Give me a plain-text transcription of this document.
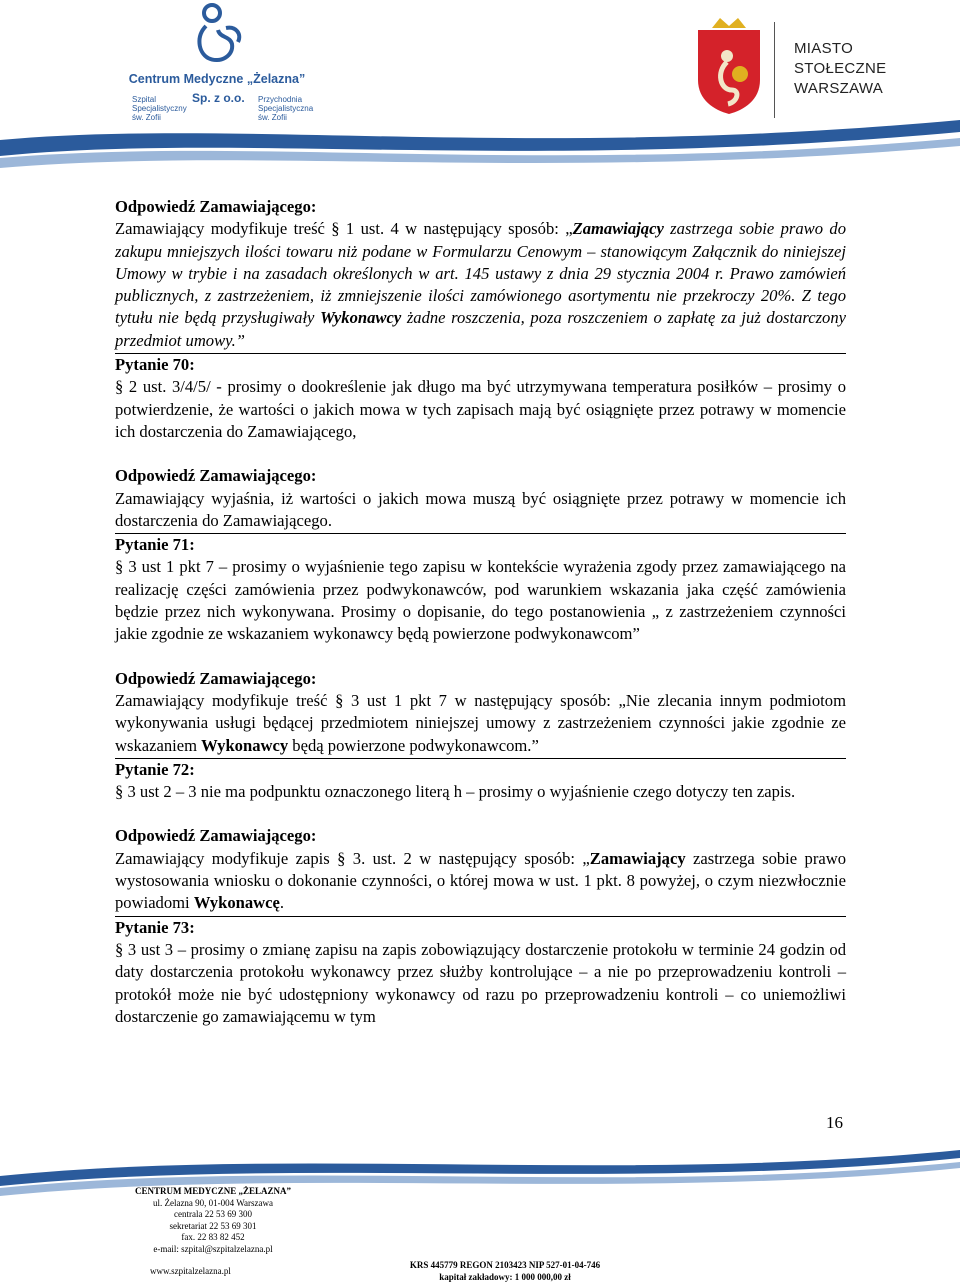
Centrum Medyczne „Żelazna”
Szpital
Specjalistyczny
św. Zofii
Sp. z o.o. Przychodnia
Specjalistyczna
św. Zofii
MIASTO
STOŁECZNE
WARSZAWA

Odpowiedź Zamawiającego:

Zamawiający modyfikuje treść § 1 ust. 4 w następujący sposób: „Zamawiający zastrzega sobie prawo do zakupu mniejszych ilości towaru niż podane w Formularzu Cenowym – stanowiącym Załącznik do niniejszej Umowy w trybie i na zasadach określonych w art. 145 ustawy z dnia 29 stycznia 2004 r. Prawo zamówień publicznych, z zastrzeżeniem, iż zmniejszenie ilości zamówionego asortymentu nie przekroczy 20%. Z tego tytułu nie będą przysługiwały Wykonawcy żadne roszczenia, poza roszczeniem o zapłatę za już dostarczony przedmiot umowy.”

Pytanie 70:

§ 2 ust. 3/4/5/ - prosimy o dookreślenie jak długo ma być utrzymywana temperatura posiłków – prosimy o potwierdzenie, że wartości o jakich mowa w tych zapisach mają być osiągnięte przez potrawy w momencie ich dostarczenia do Zamawiającego,

Odpowiedź Zamawiającego:

Zamawiający wyjaśnia, iż wartości o jakich mowa muszą być osiągnięte przez potrawy w momencie ich dostarczenia do Zamawiającego.

Pytanie 71:

§ 3 ust 1 pkt 7 – prosimy o wyjaśnienie tego zapisu w kontekście wyrażenia zgody przez zamawiającego na realizację części zamówienia przez podwykonawców, pod warunkiem wskazania jaka część zamówienia będzie przez nich wykonywana. Prosimy o dopisanie, do tego postanowienia „ z zastrzeżeniem czynności jakie zgodnie ze wskazaniem wykonawcy będą powierzone podwykonawcom”

Odpowiedź Zamawiającego:

Zamawiający modyfikuje treść § 3 ust 1 pkt 7 w następujący sposób: „Nie zlecania innym podmiotom wykonywania usługi będącej przedmiotem niniejszej umowy z zastrzeżeniem czynności jakie zgodnie ze wskazaniem Wykonawcy będą powierzone podwykonawcom.”

Pytanie 72:

§ 3 ust 2 – 3 nie ma podpunktu oznaczonego literą h – prosimy o wyjaśnienie czego dotyczy ten zapis.

Odpowiedź Zamawiającego:

Zamawiający modyfikuje zapis § 3. ust. 2 w następujący sposób: „Zamawiający zastrzega sobie prawo wystosowania wniosku o dokonanie czynności, o której mowa w ust. 1 pkt. 8 powyżej, o czym niezwłocznie powiadomi Wykonawcę.

Pytanie 73:

§ 3 ust 3 – prosimy o zmianę zapisu na zapis zobowiązujący dostarczenie protokołu w terminie 24 godzin od daty dostarczenia protokołu wykonawcy przez służby kontrolujące – a nie po przeprowadzeniu kontroli – protokół może nie być udostępniony wykonawcy od razu po przeprowadzeniu kontroli – co uniemożliwi dostarczenie go zamawiającemu w tym

16
CENTRUM MEDYCZNE „ŻELAZNA”
ul. Żelazna 90, 01-004 Warszawa
centrala 22 53 69 300
sekretariat 22 53 69 301
fax. 22 83 82 452
e-mail: szpital@szpitalzelazna.pl
www.szpitalzelazna.pl
KRS 445779 REGON 2103423 NIP 527-01-04-746
kapitał zakładowy: 1 000 000,00 zł
